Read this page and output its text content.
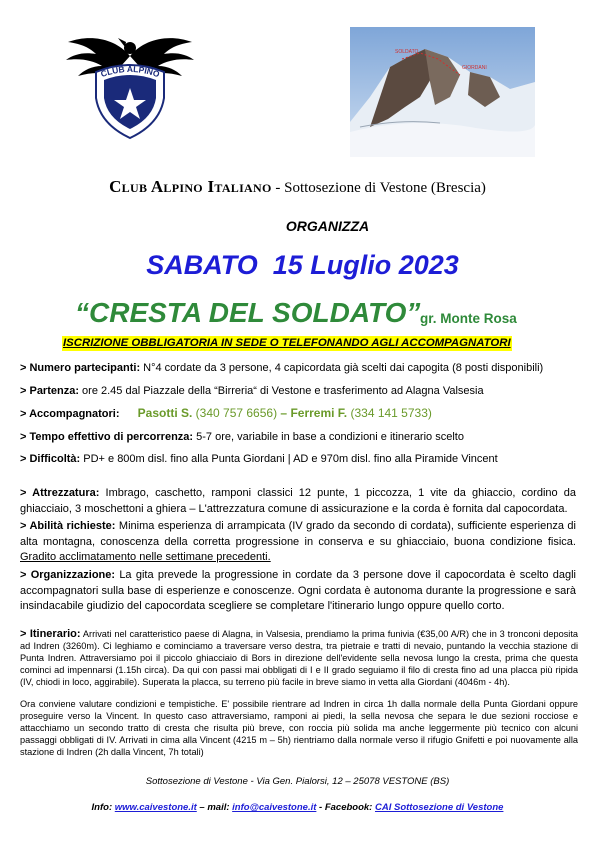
CLUB ALPINO
SOLDATO
GIORDANI
Club Alpino Italiano - Sottosezione di Vestone (Brescia)
ORGANIZZA
SABATO  15 Luglio 2023
“CRESTA DEL SOLDATO” gr. Monte Rosa
ISCRIZIONE OBBLIGATORIA IN SEDE O TELEFONANDO AGLI ACCOMPAGNATORI
> Numero partecipanti: N°4 cordate da 3 persone, 4 capicordata già scelti dai capogita (8 posti disponibili)
> Partenza: ore 2.45 dal Piazzale della “Birreria“ di Vestone e trasferimento ad Alagna Valsesia
> Accompagnatori: Pasotti S. (340 757 6656) – Ferremi F. (334 141 5733)
> Tempo effettivo di percorrenza: 5-7 ore, variabile in base a condizioni e itinerario scelto
> Difficoltà: PD+ e 800m disl. fino alla Punta Giordani | AD e 970m disl. fino alla Piramide Vincent
> Attrezzatura: Imbrago, caschetto, ramponi classici 12 punte, 1 piccozza, 1 vite da ghiaccio, cordino da ghiacciaio, 3 moschettoni a ghiera – L'attrezzatura comune di assicurazione e la corda è fornita dal capocordata.
> Abilità richieste: Minima esperienza di arrampicata (IV grado da secondo di cordata), sufficiente esperienza di alta montagna, conoscenza della corretta progressione in conserva e su ghiacciaio, buona condizione fisica. Gradito acclimatamento nelle settimane precedenti.
> Organizzazione: La gita prevede la progressione in cordate da 3 persone dove il capocordata è scelto dagli accompagnatori sulla base di esperienze e conoscenze. Ogni cordata è autonoma durante la progressione e sarà insindacabile giudizio del capocordata scegliere se completare l'itinerario lungo oppure quello corto.
> Itinerario: Arrivati nel caratteristico paese di Alagna, in Valsesia, prendiamo la prima funivia (€35,00 A/R) che in 3 tronconi deposita ad Indren (3260m). Ci leghiamo e cominciamo a traversare verso destra, tra pietraie e tratti di nevaio, puntando la vecchia stazione di Punta Indren. Attraversiamo poi il piccolo ghiacciaio di Bors in direzione dell'evidente sella nevosa lungo la cresta, prima che questa cominci ad impennarsi (1.15h circa). Da qui con passi mai obbligati di I e II grado seguiamo il filo di cresta fino ad una placca più ripida (IV, chiodi in loco, aggirabile). Superata la placca, su terreno più facile in breve siamo in vetta alla Giordani (4046m - 4h).
Ora conviene valutare condizioni e tempistiche. E' possibile rientrare ad Indren in circa 1h dalla normale della Punta Giordani oppure proseguire verso la Vincent. In questo caso attraversiamo, ramponi ai piedi, la sella nevosa che separa le due sezioni rocciose e attacchiamo un secondo tratto di cresta che risulta più breve, con roccia più solida ma anche leggermente più tecnico con alcuni passaggi obbligati di IV. Arrivati in cima alla Vincent (4215 m – 5h) rientriamo dalla normale verso il rifugio Gnifetti e poi nuovamente alla stazione di Indren (2h dalla Vincent, 7h totali)
Sottosezione di Vestone - Via Gen. Pialorsi, 12 – 25078 VESTONE (BS)
Info: www.caivestone.it – mail: info@caivestone.it - Facebook: CAI Sottosezione di Vestone
